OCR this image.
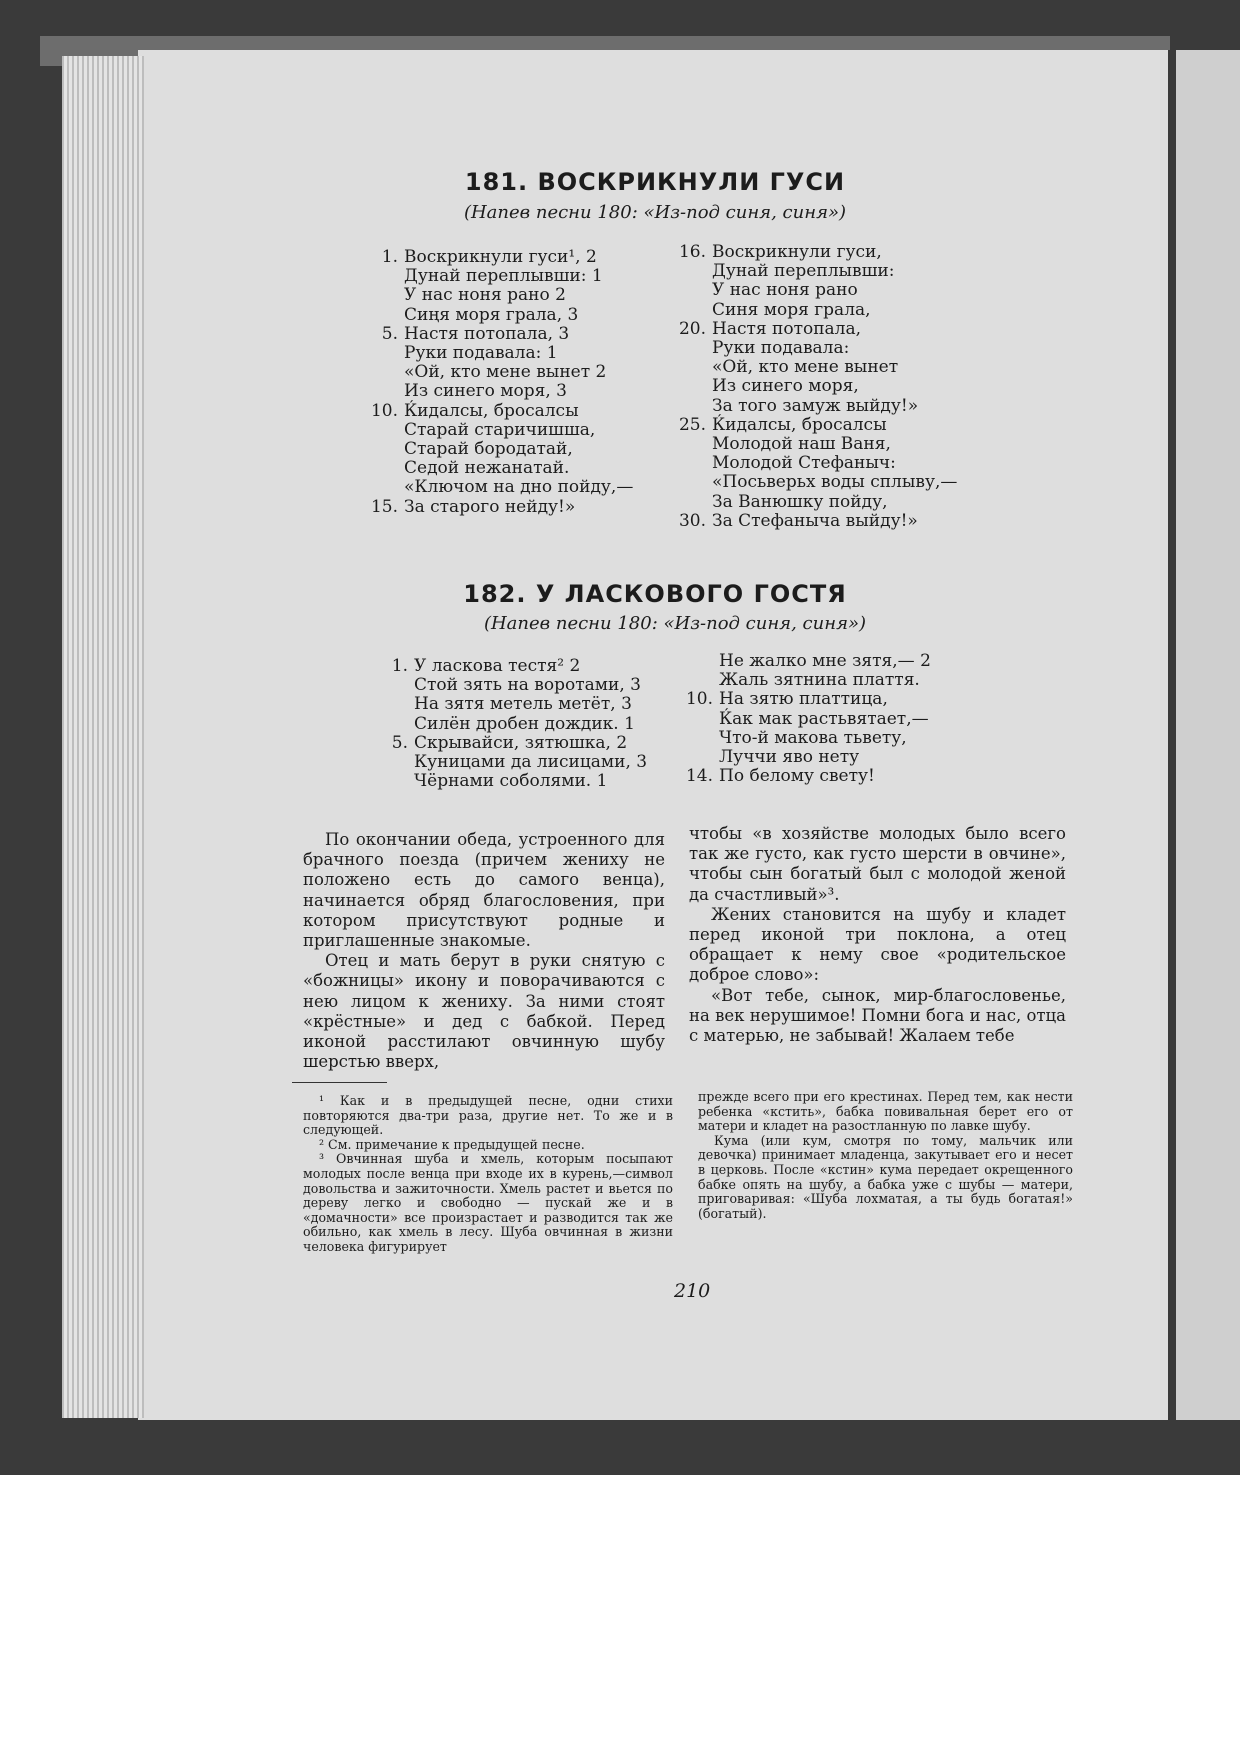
181. ВОСКРИКНУЛИ ГУСИ
(Напев песни 180: «Из-под синя, синя»)
1. Воскрикнули гуси¹, 2
Дунай переплывши: 1
У нас ноня рано 2
Сиңя моря грала, 3
5. Настя потопала, 3
Руки подавала: 1
«Ой, кто мене вынет 2
Из синего моря, 3
10. Ќидалсы, бросалсы
Старай старичишша,
Старай бородатай,
Седой нежанатай.
«Ключом на дно пойду,—
15. За старого нейду!»
16. Воскрикнули гуси,
Дунай переплывши:
У нас ноня рано
Синя моря грала,
20. Настя потопала,
Руки подавала:
«Ой, кто мене вынет
Из синего моря,
За того замуж выйду!»
25. Ќидалсы, бросалсы
Молодой наш Ваня,
Молодой Стефаныч:
«Посьверьх воды сплыву,—
За Ванюшку пойду,
30. За Стефаныча выйду!»
182. У ЛАСКОВОГО ГОСТЯ
(Напев песни 180: «Из-под синя, синя»)
1. У ласкова тестя² 2
Стой зять на воротами, 3
На зятя метель метёт, 3
Силён дробен дождик. 1
5. Скрывайси, зятюшка, 2
Куницами да лисицами, 3
Чёрнами соболями. 1
Не жалко мне зятя,— 2
Жаль зятнина плаття.
10. На зятю платтица,
Ќак мак растьвятает,—
Что-й макова тьвету,
Луччи яво нету
14. По белому свету!

По окончании обеда, устроенного для брачного поезда (причем жениху не положено есть до самого венца), начинается обряд благословения, при котором присутствуют родные и приглашенные знакомые.

Отец и мать берут в руки снятую с «божницы» икону и поворачиваются с нею лицом к жениху. За ними стоят «крёстные» и дед с бабкой. Перед иконой расстилают овчинную шубу шерстью вверх,

чтобы «в хозяйстве молодых было всего так же густо, как густо шерсти в овчине», чтобы сын богатый был с молодой женой да счастливый»³.

Жених становится на шубу и кладет перед иконой три поклона, а отец обращает к нему свое «родительское доброе слово»:

«Вот тебе, сынок, мир-благословенье, на век нерушимое! Помни бога и нас, отца с матерью, не забывай! Жалаем тебе

¹ Как и в предыдущей песне, одни стихи повторяются два-три раза, другие нет. То же и в следующей.

² См. примечание к предыдущей песне.

³ Овчинная шуба и хмель, которым посыпают молодых после венца при входе их в курень,—символ довольства и зажиточности. Хмель растет и вьется по дереву легко и свободно — пускай же и в «домачности» все произрастает и разводится так же обильно, как хмель в лесу. Шуба овчинная в жизни человека фигурирует

прежде всего при его крестинах. Перед тем, как нести ребенка «кстить», бабка повивальная берет его от матери и кладет на разостланную по лавке шубу.

Кума (или кум, смотря по тому, мальчик или девочка) принимает младенца, закутывает его и несет в церковь. После «кстин» кума передает окрещенного бабке опять на шубу, а бабка уже с шубы — матери, приговаривая: «Шуба лохматая, а ты будь богатая!» (богатый).

210
